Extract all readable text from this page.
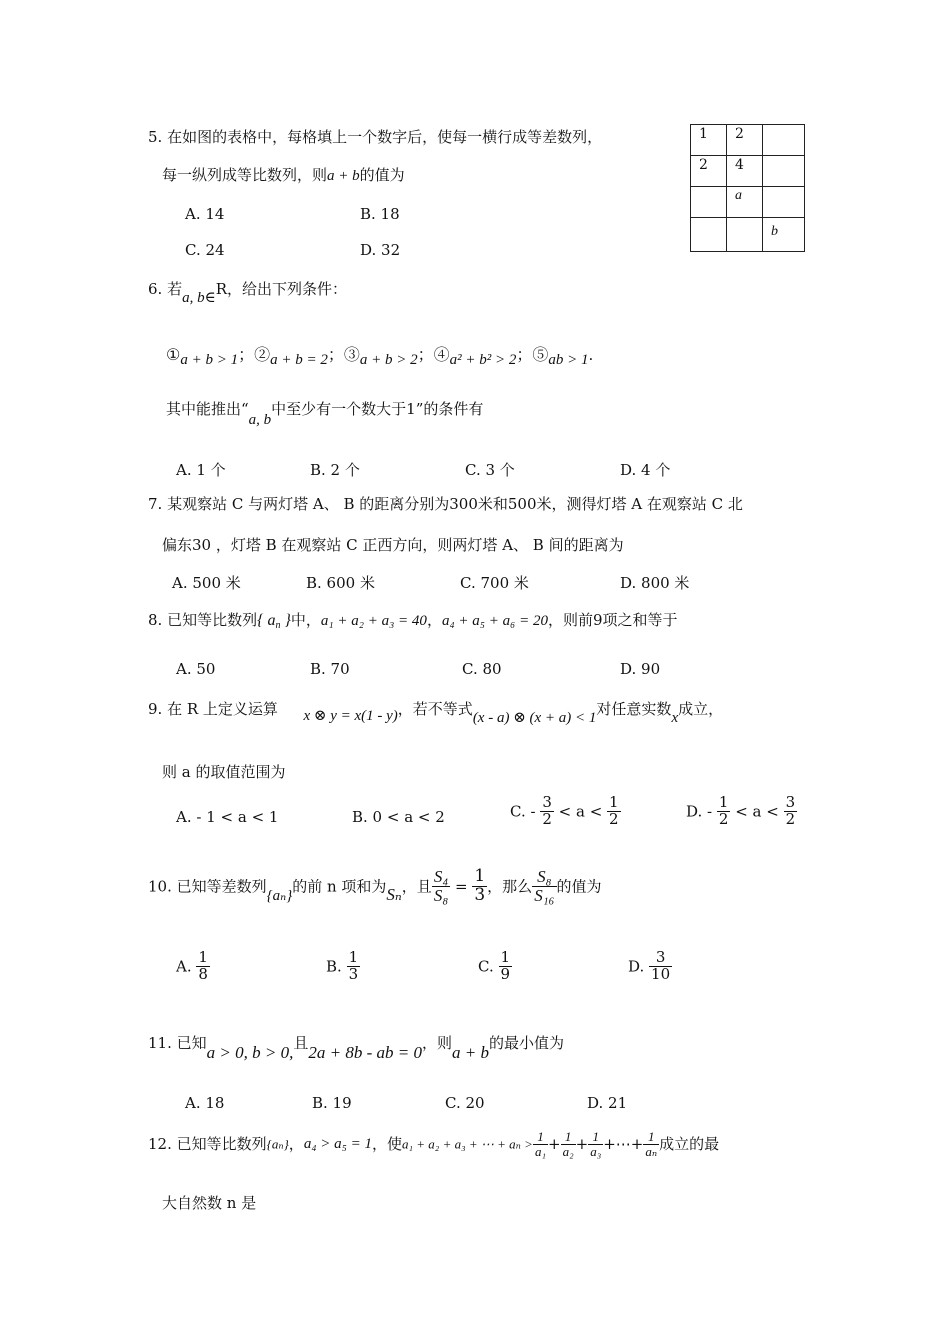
5. 在如图的表格中，每格填上一个数字后，使每一横行成等差数列，
每一纵列成等比数列，则a + b的值为
A. 14	B. 18
C. 24	D. 32
1	2	
2	4	
	a	
		b
6. 若a, b∈R，给出下列条件：
①a + b > 1；②a + b = 2；③a + b > 2；④a² + b² > 2；⑤ab > 1.
其中能推出“a, b中至少有一个数大于1”的条件有
A. 1 个	B. 2 个	C. 3 个	D. 4 个
7. 某观察站 C 与两灯塔 A、 B 的距离分别为300米和500米，测得灯塔 A 在观察站 C 北
偏东30 ，灯塔 B 在观察站 C 正西方向，则两灯塔 A、 B 间的距离为
A. 500 米	B. 600 米	C. 700 米	D. 800 米
8. 已知等比数列{ $a_n$ }中，a₁ + a₂ + a₃ = 40，a₄ + a₅ + a₆ = 20，则前9项之和等于
A. 50	B. 70	C. 80	D. 90
9. 在 R 上定义运算 x ⊗ y = x(1 - y)，若不等式(x - a) ⊗ (x + a) < 1对任意实数x成立，
则 a 的取值范围为
A. - 1 < a < 1	B. 0 < a < 2	C. - $\frac{3}{2} < a < \frac{1}{2}$	D. - $\frac{1}{2} < a < \frac{3}{2}$
10. 已知等差数列{aₙ}的前 n 项和为Sₙ，且 $\frac{\text{S₄}}{\text{S₈}} = \frac{1}{3}$ ，那么 $\frac{\text{S₈}}{\text{S₁₆}}$ 的值为
A. $\frac{1}{8}$	B. $\frac{1}{3}$	C. $\frac{1}{9}$	D. $\frac{3}{10}$
11. 已知a > 0, b > 0,且2a + 8b - ab = 0，则a + b的最小值为
A. 18	B. 19	C. 20	D. 21
12. 已知等比数列{aₙ}，a₄ > a₅ = 1，使a₁ + a₂ + a₃ + ⋯ + $a_n > \frac{1}{\text{a₁}} + \frac{1}{\text{a₂}} + \frac{1}{\text{a₃}}$ +⋯+ $\frac{1}{\text{aₙ}}$ 成立的最
大自然数 n 是
